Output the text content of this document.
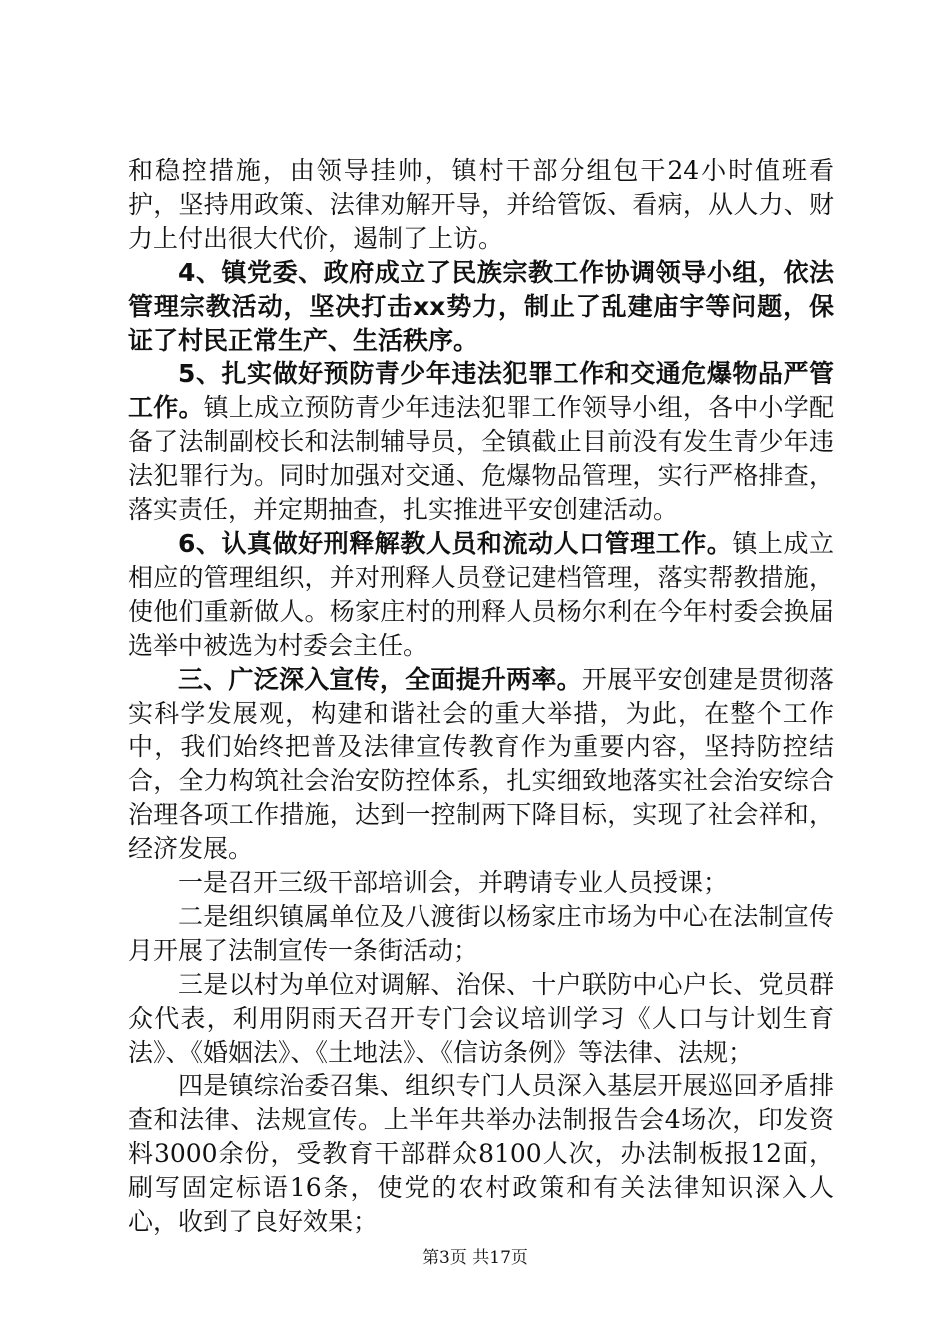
和稳控措施，由领导挂帅，镇村干部分组包干24小时值班看护，坚持用政策、法律劝解开导，并给管饭、看病，从人力、财力上付出很大代价，遏制了上访。

4、镇党委、政府成立了民族宗教工作协调领导小组，依法管理宗教活动，坚决打击xx势力，制止了乱建庙宇等问题，保证了村民正常生产、生活秩序。

5、扎实做好预防青少年违法犯罪工作和交通危爆物品严管工作。镇上成立预防青少年违法犯罪工作领导小组，各中小学配备了法制副校长和法制辅导员，全镇截止目前没有发生青少年违法犯罪行为。同时加强对交通、危爆物品管理，实行严格排查，落实责任，并定期抽查，扎实推进平安创建活动。

6、认真做好刑释解教人员和流动人口管理工作。镇上成立相应的管理组织，并对刑释人员登记建档管理，落实帮教措施，使他们重新做人。杨家庄村的刑释人员杨尔利在今年村委会换届选举中被选为村委会主任。

三、广泛深入宣传，全面提升两率。开展平安创建是贯彻落实科学发展观，构建和谐社会的重大举措，为此，在整个工作中，我们始终把普及法律宣传教育作为重要内容，坚持防控结合，全力构筑社会治安防控体系，扎实细致地落实社会治安综合治理各项工作措施，达到一控制两下降目标，实现了社会祥和，经济发展。

一是召开三级干部培训会，并聘请专业人员授课；

二是组织镇属单位及八渡街以杨家庄市场为中心在法制宣传月开展了法制宣传一条街活动；

三是以村为单位对调解、治保、十户联防中心户长、党员群众代表，利用阴雨天召开专门会议培训学习《人口与计划生育法》、《婚姻法》、《土地法》、《信访条例》等法律、法规；

四是镇综治委召集、组织专门人员深入基层开展巡回矛盾排查和法律、法规宣传。上半年共举办法制报告会4场次，印发资料3000余份，受教育干部群众8100人次，办法制板报12面，刷写固定标语16条，使党的农村政策和有关法律知识深入人心，收到了良好效果；

第3页 共17页
